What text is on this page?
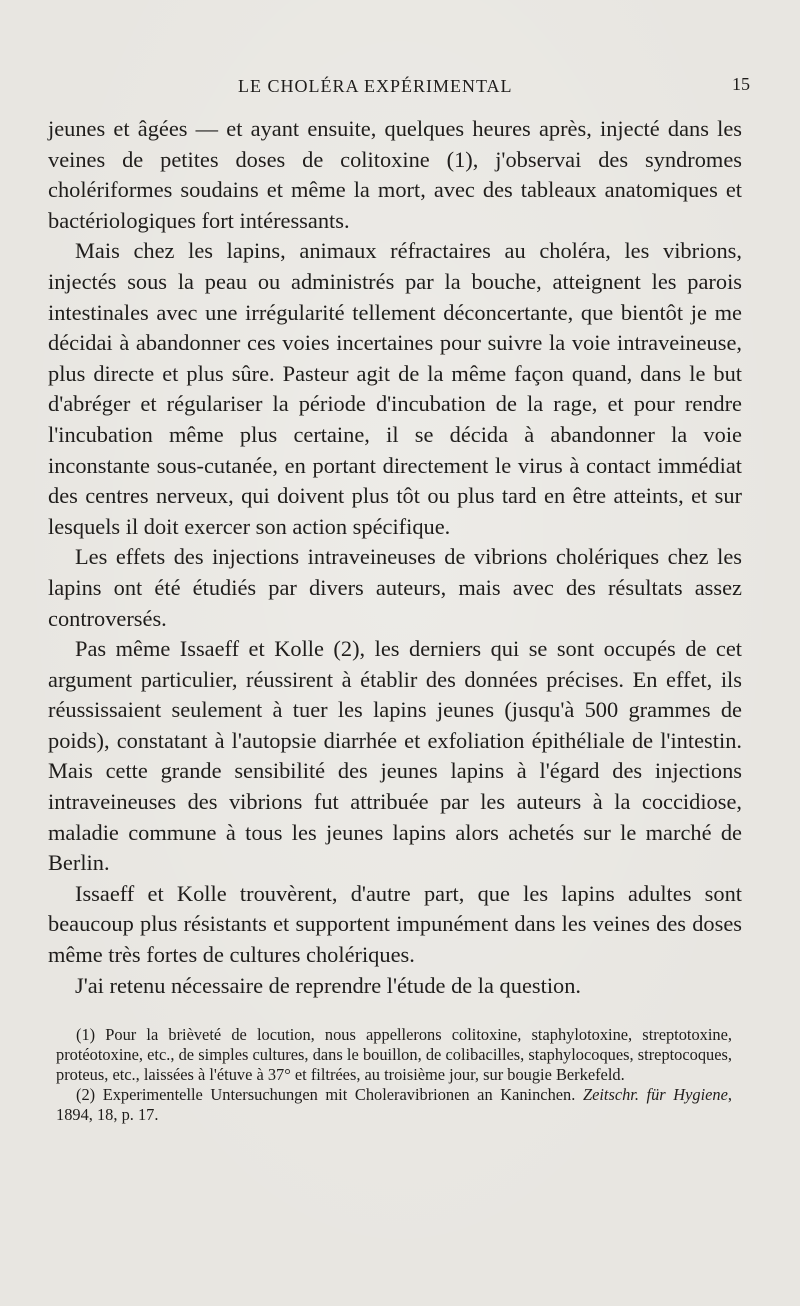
LE CHOLÉRA EXPÉRIMENTAL	15

jeunes et âgées — et ayant ensuite, quelques heures après, injecté dans les veines de petites doses de colitoxine (1), j'observai des syndromes cholériformes soudains et même la mort, avec des tableaux anatomiques et bactériologiques fort intéressants.

Mais chez les lapins, animaux réfractaires au choléra, les vibrions, injectés sous la peau ou administrés par la bouche, atteignent les parois intestinales avec une irrégularité tellement déconcertante, que bientôt je me décidai à abandonner ces voies incertaines pour suivre la voie intraveineuse, plus directe et plus sûre. Pasteur agit de la même façon quand, dans le but d'abréger et régulariser la période d'incubation de la rage, et pour rendre l'incubation même plus certaine, il se décida à abandonner la voie inconstante sous-cutanée, en portant directement le virus à contact immédiat des centres nerveux, qui doivent plus tôt ou plus tard en être atteints, et sur lesquels il doit exercer son action spécifique.

Les effets des injections intraveineuses de vibrions cholériques chez les lapins ont été étudiés par divers auteurs, mais avec des résultats assez controversés.

Pas même Issaeff et Kolle (2), les derniers qui se sont occupés de cet argument particulier, réussirent à établir des données précises. En effet, ils réussissaient seulement à tuer les lapins jeunes (jusqu'à 500 grammes de poids), constatant à l'autopsie diarrhée et exfoliation épithéliale de l'intestin. Mais cette grande sensibilité des jeunes lapins à l'égard des injections intraveineuses des vibrions fut attribuée par les auteurs à la coccidiose, maladie commune à tous les jeunes lapins alors achetés sur le marché de Berlin.

Issaeff et Kolle trouvèrent, d'autre part, que les lapins adultes sont beaucoup plus résistants et supportent impunément dans les veines des doses même très fortes de cultures cholériques.

J'ai retenu nécessaire de reprendre l'étude de la question.

(1) Pour la brièveté de locution, nous appellerons colitoxine, staphylotoxine, streptotoxine, protéotoxine, etc., de simples cultures, dans le bouillon, de colibacilles, staphylocoques, streptocoques, proteus, etc., laissées à l'étuve à 37° et filtrées, au troisième jour, sur bougie Berkefeld.

(2) Experimentelle Untersuchungen mit Choleravibrionen an Kaninchen. Zeitschr. für Hygiene, 1894, 18, p. 17.
